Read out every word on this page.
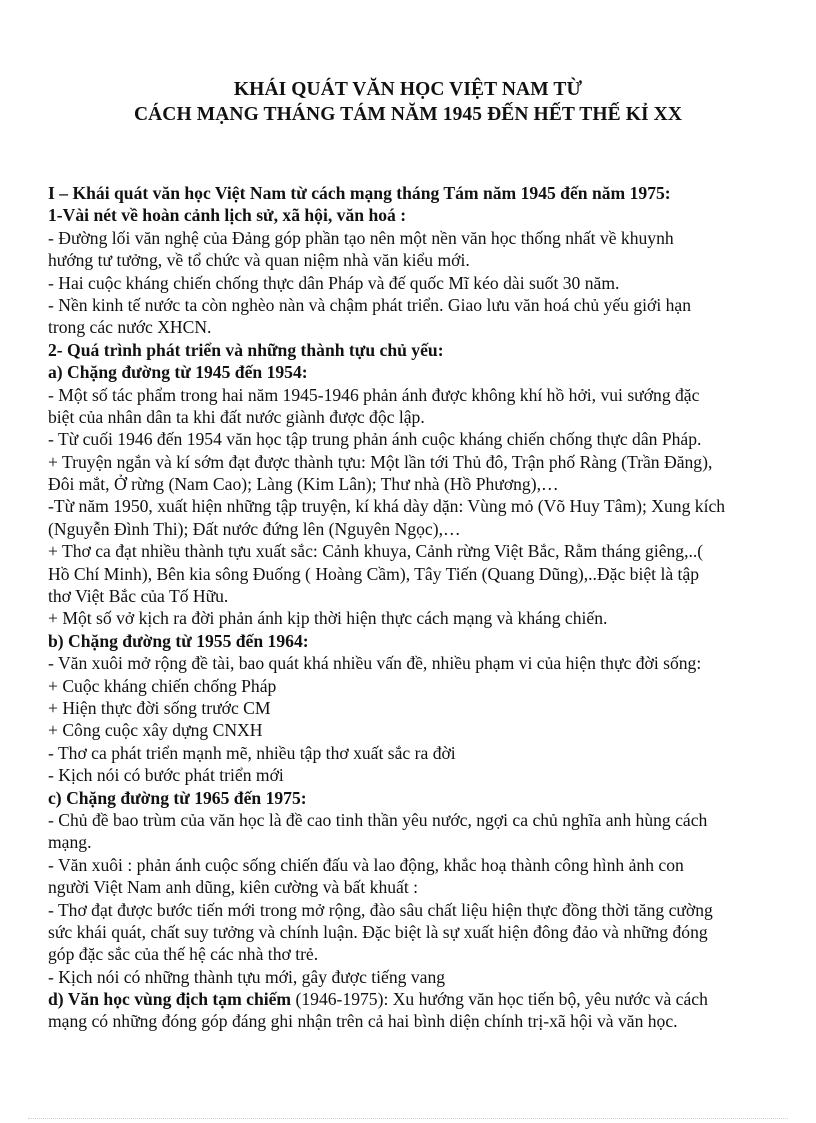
KHÁI QUÁT VĂN HỌC VIỆT NAM TỪ
CÁCH MẠNG THÁNG TÁM NĂM 1945 ĐẾN HẾT THẾ KỈ XX
I – Khái quát văn học Việt Nam từ cách mạng tháng Tám năm 1945 đến năm 1975:
1-Vài nét về hoàn cảnh lịch sử, xã hội, văn hoá :
- Đường lối văn nghệ của Đảng góp phần tạo nên một nền văn học thống nhất về khuynh
hướng tư tưởng, về tổ chức và quan niệm nhà văn kiểu mới.
- Hai cuộc kháng chiến chống thực dân Pháp và đế quốc Mĩ kéo dài suốt 30 năm.
- Nền kinh tế nước ta còn nghèo nàn và chậm phát triển. Giao lưu văn hoá chủ yếu giới hạn
trong các nước XHCN.
2- Quá trình phát triển và những thành tựu chủ yếu:
a) Chặng đường từ 1945 đến 1954:
- Một số tác phẩm trong hai năm 1945-1946 phản ánh được không khí hồ hởi, vui sướng đặc
biệt của nhân dân ta khi đất nước giành được độc lập.
- Từ cuối 1946 đến 1954 văn học tập trung phản ánh cuộc kháng chiến chống thực dân Pháp.
+ Truyện ngắn và kí sớm đạt được thành tựu: Một lần tới Thủ đô, Trận phố Ràng (Trần Đăng),
Đôi mắt, Ở rừng (Nam Cao); Làng (Kim Lân); Thư nhà (Hồ Phương),…
-Từ năm 1950, xuất hiện những tập truyện, kí khá dày dặn: Vùng mỏ (Võ Huy Tâm); Xung kích
(Nguyễn Đình Thi); Đất nước đứng lên (Nguyên Ngọc),…
+ Thơ ca đạt nhiều thành tựu xuất sắc: Cảnh khuya, Cảnh rừng Việt Bắc, Rằm tháng giêng,..(
Hồ Chí Minh), Bên kia sông Đuống ( Hoàng Cầm), Tây Tiến (Quang Dũng),..Đặc biệt là tập
thơ Việt Bắc của Tố Hữu.
+ Một số vở kịch ra đời phản ánh kịp thời hiện thực cách mạng và kháng chiến.
b) Chặng đường từ 1955 đến 1964:
- Văn xuôi mở rộng đề tài, bao quát khá nhiều vấn đề, nhiều phạm vi của hiện thực đời sống:
+ Cuộc kháng chiến chống Pháp
+ Hiện thực đời sống trước CM
+ Công cuộc xây dựng CNXH
- Thơ ca phát triển mạnh mẽ, nhiều tập thơ xuất sắc ra đời
- Kịch nói có bước phát triển mới
c) Chặng đường từ 1965 đến 1975:
- Chủ đề bao trùm của văn học là đề cao tinh thần yêu nước, ngợi ca chủ nghĩa anh hùng cách
mạng.
- Văn xuôi : phản ánh cuộc sống chiến đấu và lao động, khắc hoạ thành công hình ảnh con
người Việt Nam anh dũng, kiên cường và bất khuất :
- Thơ đạt được bước tiến mới trong mở rộng, đào sâu chất liệu hiện thực đồng thời tăng cường
sức khái quát, chất suy tưởng và chính luận. Đặc biệt là sự xuất hiện đông đảo và những đóng
góp đặc sắc của thế hệ các nhà thơ trẻ.
- Kịch nói có những thành tựu mới, gây được tiếng vang
d) Văn học vùng địch tạm chiếm (1946-1975): Xu hướng văn học tiến bộ, yêu nước và cách
mạng có những đóng góp đáng ghi nhận trên cả hai bình diện chính trị-xã hội và văn học.
